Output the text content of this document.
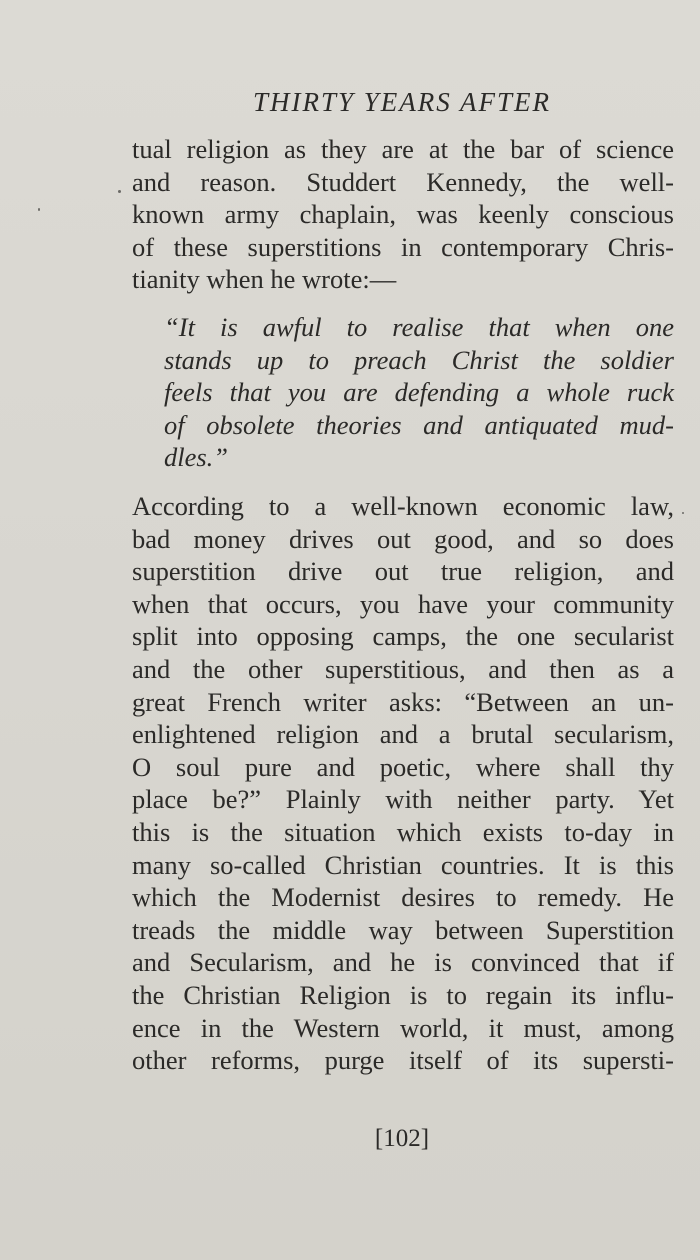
THIRTY YEARS AFTER
tual religion as they are at the bar of science
and reason. Studdert Kennedy, the well-
known army chaplain, was keenly conscious
of these superstitions in contemporary Chris-
tianity when he wrote:—
“It is awful to realise that when one
stands up to preach Christ the soldier
feels that you are defending a whole ruck
of obsolete theories and antiquated mud-
dles.”
According to a well-known economic law,
bad money drives out good, and so does
superstition drive out true religion, and
when that occurs, you have your community
split into opposing camps, the one secularist
and the other superstitious, and then as a
great French writer asks: “Between an un-
enlightened religion and a brutal secularism,
O soul pure and poetic, where shall thy
place be?” Plainly with neither party. Yet
this is the situation which exists to-day in
many so-called Christian countries. It is this
which the Modernist desires to remedy. He
treads the middle way between Superstition
and Secularism, and he is convinced that if
the Christian Religion is to regain its influ-
ence in the Western world, it must, among
other reforms, purge itself of its supersti-
[102]
